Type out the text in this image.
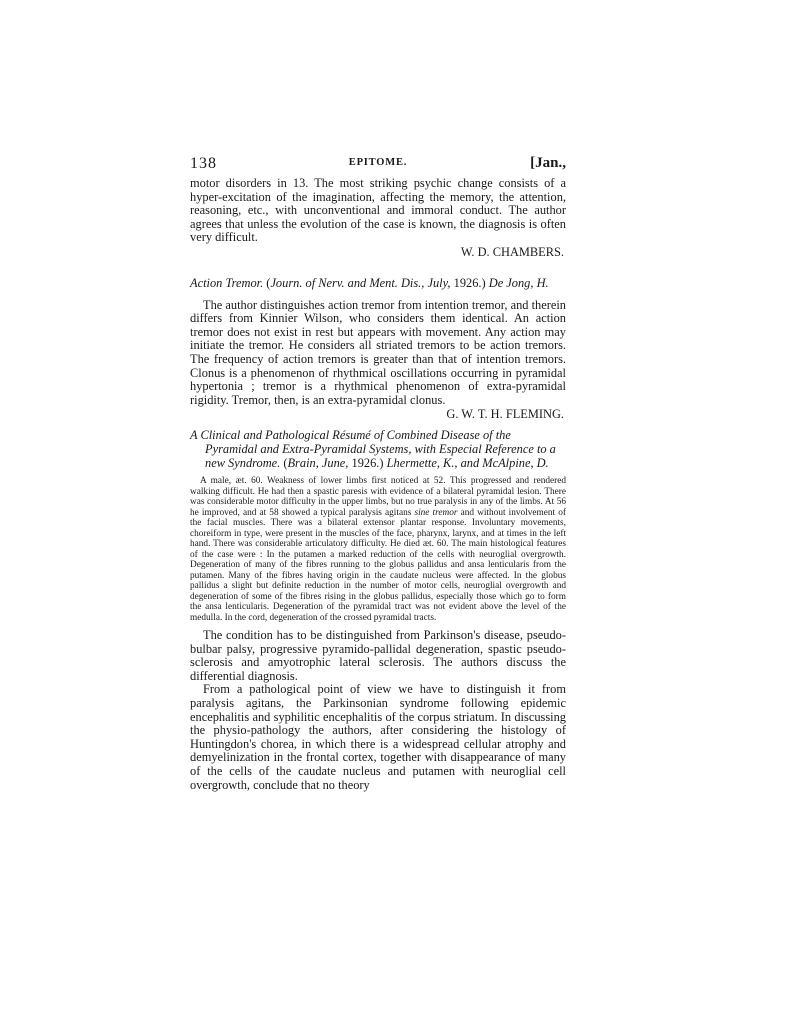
138	EPITOME.	[Jan.,

motor disorders in 13. The most striking psychic change consists of a hyper-excitation of the imagination, affecting the memory, the attention, reasoning, etc., with unconventional and immoral conduct. The author agrees that unless the evolution of the case is known, the diagnosis is often very difficult.

W. D. CHAMBERS.

Action Tremor. (Journ. of Nerv. and Ment. Dis., July, 1926.) De Jong, H.

The author distinguishes action tremor from intention tremor, and therein differs from Kinnier Wilson, who considers them identical. An action tremor does not exist in rest but appears with movement. Any action may initiate the tremor. He considers all striated tremors to be action tremors. The frequency of action tremors is greater than that of intention tremors. Clonus is a phenomenon of rhythmical oscillations occurring in pyramidal hypertonia ; tremor is a rhythmical phenomenon of extra-pyramidal rigidity. Tremor, then, is an extra-pyramidal clonus.

G. W. T. H. FLEMING.

A Clinical and Pathological Résumé of Combined Disease of the Pyramidal and Extra-Pyramidal Systems, with Especial Reference to a new Syndrome. (Brain, June, 1926.) Lhermette, K., and McAlpine, D.

A male, æt. 60. Weakness of lower limbs first noticed at 52. This progressed and rendered walking difficult. He had then a spastic paresis with evidence of a bilateral pyramidal lesion. There was considerable motor difficulty in the upper limbs, but no true paralysis in any of the limbs. At 56 he improved, and at 58 showed a typical paralysis agitans sine tremor and without involvement of the facial muscles. There was a bilateral extensor plantar response. Involuntary movements, choreiform in type, were present in the muscles of the face, pharynx, larynx, and at times in the left hand. There was considerable articulatory difficulty. He died æt. 60. The main histological features of the case were : In the putamen a marked reduction of the cells with neuroglial overgrowth. Degeneration of many of the fibres running to the globus pallidus and ansa lenticularis from the putamen. Many of the fibres having origin in the caudate nucleus were affected. In the globus pallidus a slight but definite reduction in the number of motor cells, neuroglial overgrowth and degeneration of some of the fibres rising in the globus pallidus, especially those which go to form the ansa lenticularis. Degeneration of the pyramidal tract was not evident above the level of the medulla. In the cord, degeneration of the crossed pyramidal tracts.

The condition has to be distinguished from Parkinson's disease, pseudo-bulbar palsy, progressive pyramido-pallidal degeneration, spastic pseudo-sclerosis and amyotrophic lateral sclerosis. The authors discuss the differential diagnosis.

From a pathological point of view we have to distinguish it from paralysis agitans, the Parkinsonian syndrome following epidemic encephalitis and syphilitic encephalitis of the corpus striatum. In discussing the physio-pathology the authors, after considering the histology of Huntingdon's chorea, in which there is a widespread cellular atrophy and demyelinization in the frontal cortex, together with disappearance of many of the cells of the caudate nucleus and putamen with neuroglial cell overgrowth, conclude that no theory
